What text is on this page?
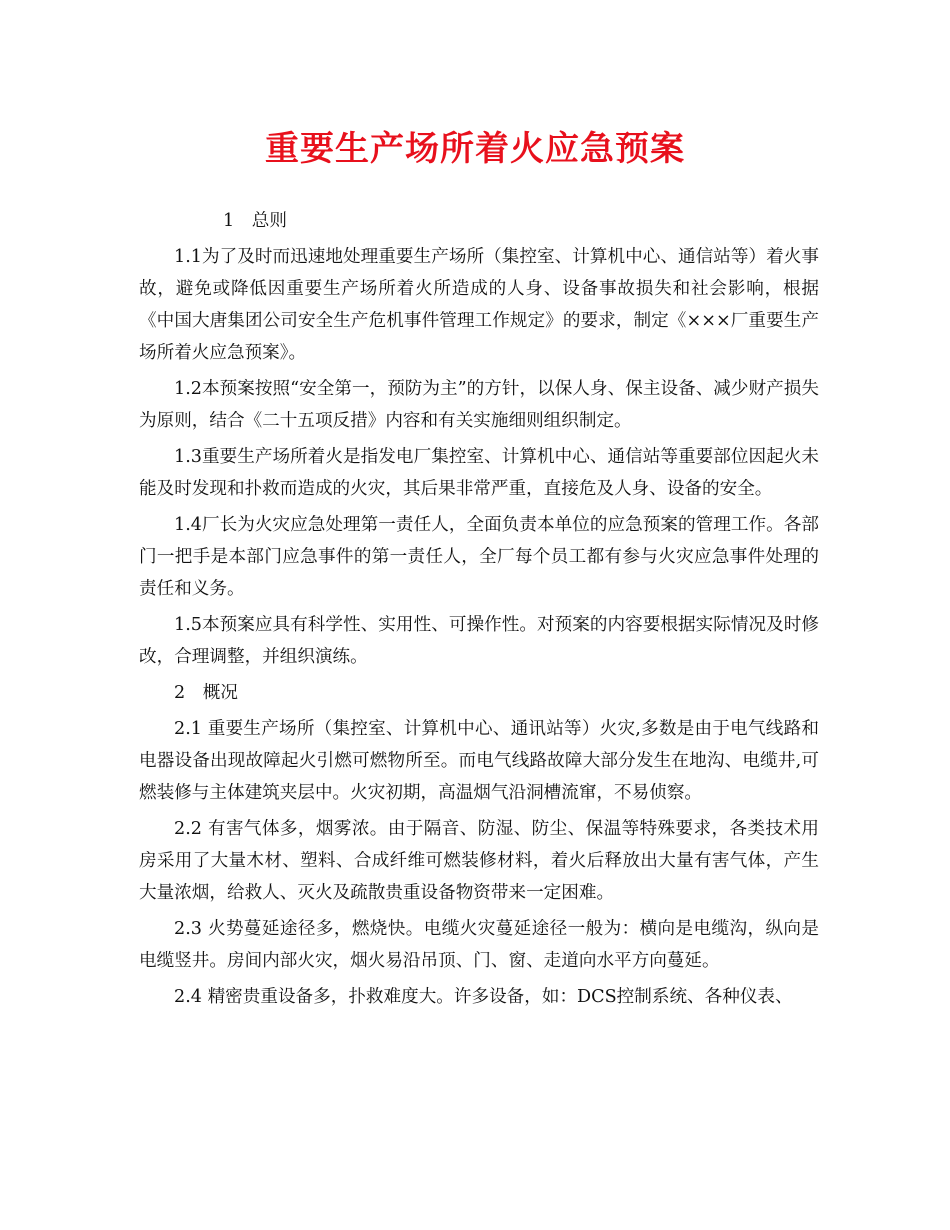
重要生产场所着火应急预案
1　总则

1.1为了及时而迅速地处理重要生产场所（集控室、计算机中心、通信站等）着火事故，避免或降低因重要生产场所着火所造成的人身、设备事故损失和社会影响，根据《中国大唐集团公司安全生产危机事件管理工作规定》的要求，制定《×××厂重要生产场所着火应急预案》。

1.2本预案按照“安全第一，预防为主”的方针，以保人身、保主设备、减少财产损失为原则，结合《二十五项反措》内容和有关实施细则组织制定。

1.3重要生产场所着火是指发电厂集控室、计算机中心、通信站等重要部位因起火未能及时发现和扑救而造成的火灾，其后果非常严重，直接危及人身、设备的安全。

1.4厂长为火灾应急处理第一责任人，全面负责本单位的应急预案的管理工作。各部门一把手是本部门应急事件的第一责任人，全厂每个员工都有参与火灾应急事件处理的责任和义务。

1.5本预案应具有科学性、实用性、可操作性。对预案的内容要根据实际情况及时修改，合理调整，并组织演练。

2　概况

2.1 重要生产场所（集控室、计算机中心、通讯站等）火灾,多数是由于电气线路和电器设备出现故障起火引燃可燃物所至。而电气线路故障大部分发生在地沟、电缆井,可燃装修与主体建筑夹层中。火灾初期，高温烟气沿洞槽流窜，不易侦察。

2.2 有害气体多，烟雾浓。由于隔音、防湿、防尘、保温等特殊要求，各类技术用房采用了大量木材、塑料、合成纤维可燃装修材料，着火后释放出大量有害气体，产生大量浓烟，给救人、灭火及疏散贵重设备物资带来一定困难。

2.3 火势蔓延途径多，燃烧快。电缆火灾蔓延途径一般为：横向是电缆沟，纵向是电缆竖井。房间内部火灾，烟火易沿吊顶、门、窗、走道向水平方向蔓延。

2.4 精密贵重设备多，扑救难度大。许多设备，如：DCS控制系统、各种仪表、
